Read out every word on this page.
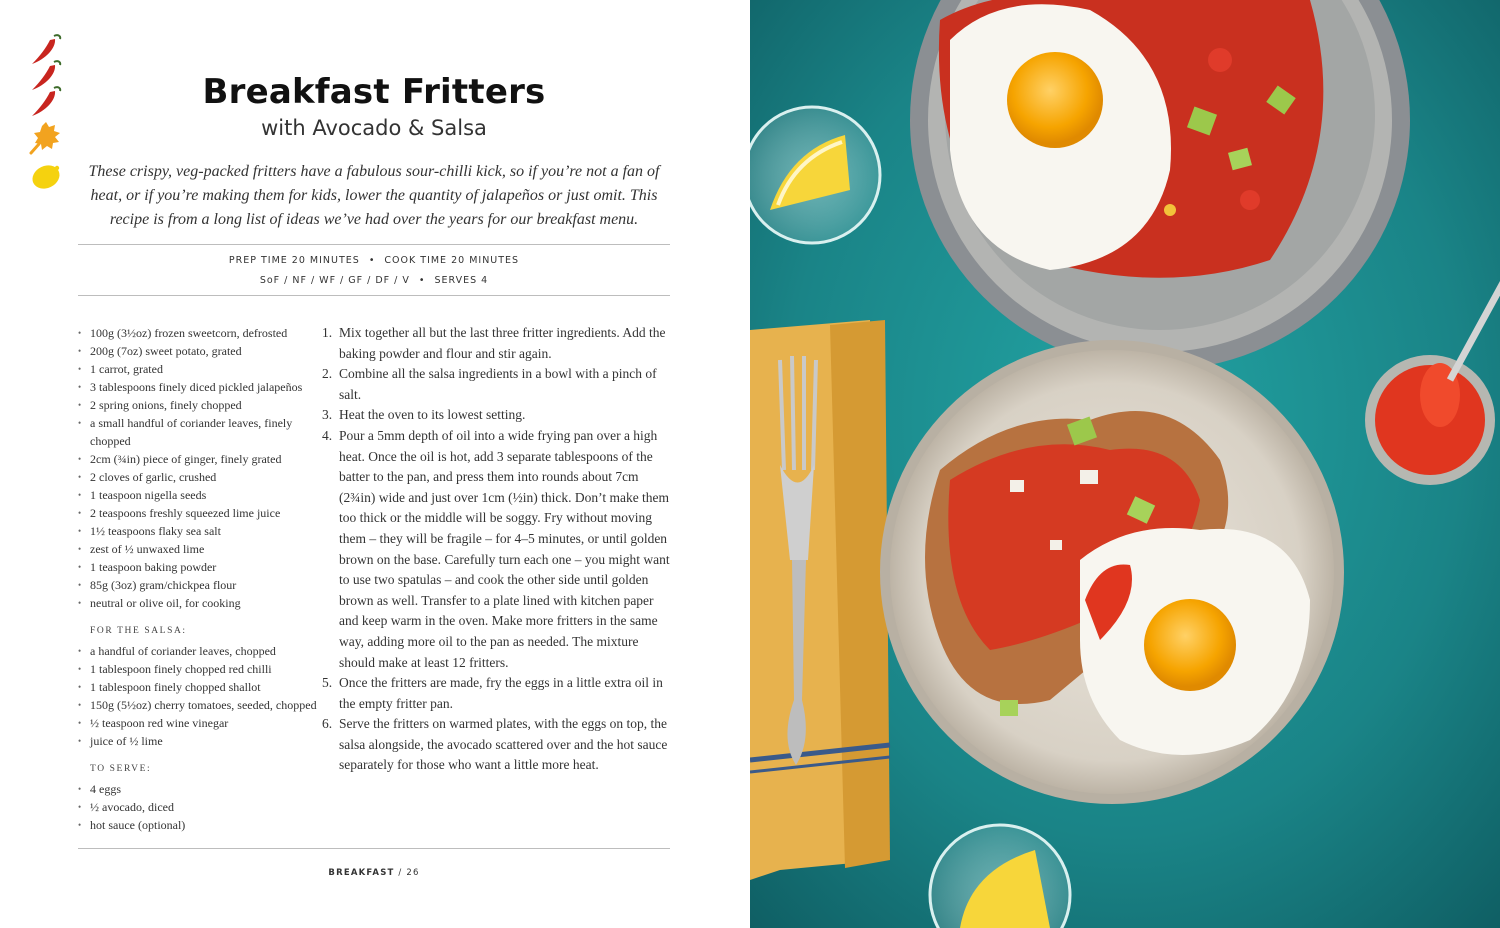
Breakfast Fritters
with Avocado & Salsa
These crispy, veg-packed fritters have a fabulous sour-chilli kick, so if you’re not a fan of heat, or if you’re making them for kids, lower the quantity of jalapeños or just omit. This recipe is from a long list of ideas we’ve had over the years for our breakfast menu.
PREP TIME 20 MINUTES • COOK TIME 20 MINUTES
SoF / NF / WF / GF / DF / V • SERVES 4
• 100g (3½oz) frozen sweetcorn, defrosted
• 200g (7oz) sweet potato, grated
• 1 carrot, grated
• 3 tablespoons finely diced pickled jalapeños
• 2 spring onions, finely chopped
• a small handful of coriander leaves, finely chopped
• 2cm (¾in) piece of ginger, finely grated
• 2 cloves of garlic, crushed
• 1 teaspoon nigella seeds
• 2 teaspoons freshly squeezed lime juice
• 1½ teaspoons flaky sea salt
• zest of ½ unwaxed lime
• 1 teaspoon baking powder
• 85g (3oz) gram/chickpea flour
• neutral or olive oil, for cooking
FOR THE SALSA:
• a handful of coriander leaves, chopped
• 1 tablespoon finely chopped red chilli
• 1 tablespoon finely chopped shallot
• 150g (5½oz) cherry tomatoes, seeded, chopped
• ½ teaspoon red wine vinegar
• juice of ½ lime
TO SERVE:
• 4 eggs
• ½ avocado, diced
• hot sauce (optional)
1. Mix together all but the last three fritter ingredients. Add the baking powder and flour and stir again.
2. Combine all the salsa ingredients in a bowl with a pinch of salt.
3. Heat the oven to its lowest setting.
4. Pour a 5mm depth of oil into a wide frying pan over a high heat. Once the oil is hot, add 3 separate tablespoons of the batter to the pan, and press them into rounds about 7cm (2¾in) wide and just over 1cm (½in) thick. Don’t make them too thick or the middle will be soggy. Fry without moving them – they will be fragile – for 4–5 minutes, or until golden brown on the base. Carefully turn each one – you might want to use two spatulas – and cook the other side until golden brown as well. Transfer to a plate lined with kitchen paper and keep warm in the oven. Make more fritters in the same way, adding more oil to the pan as needed. The mixture should make at least 12 fritters.
5. Once the fritters are made, fry the eggs in a little extra oil in the empty fritter pan.
6. Serve the fritters on warmed plates, with the eggs on top, the salsa alongside, the avocado scattered over and the hot sauce separately for those who want a little more heat.
BREAKFAST / 26
